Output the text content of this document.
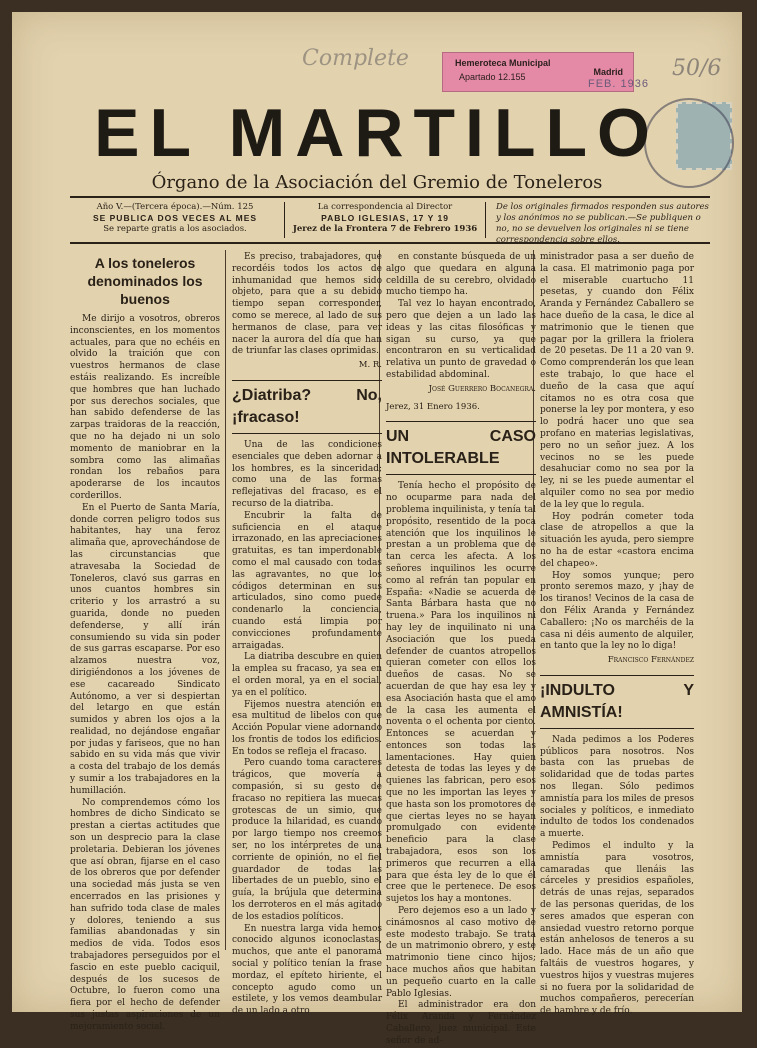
Complete	50/6
Hemeroteca Municipal
Apartado 12.155	Madrid
FEB. 1936
EL MARTILLO
Órgano de la Asociación del Gremio de Toneleros
Año V.—(Tercera época).—Núm. 125
SE PUBLICA DOS VECES AL MES
Se reparte gratis a los asociados.
La correspondencia al Director
PABLO IGLESIAS, 17 Y 19
Jerez de la Frontera 7 de Febrero 1936
De los originales firmados responden sus autores y los anónimos no se publican.—Se publiquen o no, no se devuelven los originales ni se tiene correspondencia sobre ellos.
A los toneleros denominados los buenos

Me dirijo a vosotros, obreros inconscientes, en los momentos actuales, para que no echéis en olvido la traición que con vuestros hermanos de clase estáis realizando. Es increíble que hombres que han luchado por sus derechos sociales, que han sabido defenderse de las zarpas traidoras de la reacción, que no ha dejado ni un solo momento de maniobrar en la sombra como las alimañas rondan los rebaños para apoderarse de los incautos corderillos.

En el Puerto de Santa María, donde corren peligro todos sus habitantes, hay una feroz alimaña que, aprovechándose de las circunstancias que atravesaba la Sociedad de Toneleros, clavó sus garras en unos cuantos hombres sin criterio y los arrastró a su guarida, donde no pueden defenderse, y allí irán consumiendo su vida sin poder de sus garras escaparse. Por eso alzamos nuestra voz, dirigiéndonos a los jóvenes de ese cacareado Sindicato Autónomo, a ver si despiertan del letargo en que están sumidos y abren los ojos a la realidad, no dejándose engañar por judas y fariseos, que no han sabido en su vida más que vivir a costa del trabajo de los demás y sumir a los trabajadores en la humillación.

No comprendemos cómo los hombres de dicho Sindicato se prestan a ciertas actitudes que son un desprecio para la clase proletaria. Debieran los jóvenes que así obran, fijarse en el caso de los obreros que por defender una sociedad más justa se ven encerrados en las prisiones y han sufrido toda clase de males y dolores, teniendo a sus familias abandonadas y sin medios de vida. Todos esos trabajadores perseguidos por el fascio en este pueblo caciquil, después de los sucesos de Octubre, lo fueron como una fiera por el hecho de defender sus justas aspiraciones de un mejoramiento social.

Es preciso, trabajadores, que recordéis todos los actos de inhumanidad que hemos sido objeto, para que a su debido tiempo sepan corresponder, como se merece, al lado de sus hermanos de clase, para ver nacer la aurora del día que han de triunfar las clases oprimidas.

M. R.
¿Diatriba? No, ¡fracaso!

Una de las condiciones esenciales que deben adornar a los hombres, es la sinceridad; como una de las formas reflejativas del fracaso, es el recurso de la diatriba.

Encubrir la falta de suficiencia en el ataque irrazonado, en las apreciaciones gratuitas, es tan imperdonable como el mal causado con todas las agravantes, no que los códigos determinan en sus articulados, sino como puede condenarlo la conciencia, cuando está limpia por convicciones profundamente arraigadas.

La diatriba descubre en quien la emplea su fracaso, ya sea en el orden moral, ya en el social, ya en el político.

Fijemos nuestra atención en esa multitud de libelos con que Acción Popular viene adornando los frontis de todos los edificios. En todos se refleja el fracaso.

Pero cuando toma caracteres trágicos, que movería a compasión, si su gesto de fracaso no repitiera las muecas grotescas de un simio, que produce la hilaridad, es cuando por largo tiempo nos creemos ser, no los intérpretes de una corriente de opinión, no el fiel guardador de todas las libertades de un pueblo, sino el guía, la brújula que determina los derroteros en el más agitado de los estadios políticos.

En nuestra larga vida hemos conocido algunos iconoclastas, muchos, que ante el panorama social y político tenían la frase mordaz, el epíteto hiriente, el concepto agudo como un estilete, y los vemos deambular de un lado a otro

en constante búsqueda de un algo que quedara en alguna celdilla de su cerebro, olvidado mucho tiempo ha.

Tal vez lo hayan encontrado, pero que dejen a un lado las ideas y las citas filosóficas y sigan su curso, ya que encontraron en su verticalidad relativa un punto de gravedad o estabilidad abdominal.

José Guerrero Bocanegra.
Jerez, 31 Enero 1936.
UN CASO INTOLERABLE

Tenía hecho el propósito de no ocuparme para nada del problema inquilinista, y tenía tal propósito, resentido de la poca atención que los inquilinos le prestan a un problema que de tan cerca les afecta. A los señores inquilinos les ocurre como al refrán tan popular en España: «Nadie se acuerda de Santa Bárbara hasta que no truena.» Para los inquilinos ni hay ley de inquilinato ni una Asociación que los pueda defender de cuantos atropellos quieran cometer con ellos los dueños de casas. No se acuerdan de que hay esa ley y esa Asociación hasta que el amo de la casa les aumenta el noventa o el ochenta por ciento. Entonces se acuerdan y entonces son todas las lamentaciones. Hay quien detesta de todas las leyes y de quienes las fabrican, pero esos que no les importan las leyes y que hasta son los promotores de que ciertas leyes no se hayan promulgado con evidente beneficio para la clase trabajadora, esos son los primeros que recurren a ella para que ésta ley de lo que él cree que le pertenece. De esos sujetos los hay a montones.

Pero dejemos eso a un lado y cinámosnos al caso motivo de este modesto trabajo. Se trata de un matrimonio obrero, y este matrimonio tiene cinco hijos; hace muchos años que habitan un pequeño cuarto en la calle Pablo Iglesias.

El administrador era don Félix Aranda y Fernández Caballero, juez municipal. Este señor de ad-

ministrador pasa a ser dueño de la casa. El matrimonio paga por el miserable cuartucho 11 pesetas, y cuando don Félix Aranda y Fernández Caballero se hace dueño de la casa, le dice al matrimonio que le tienen que pagar por la grillera la friolera de 20 pesetas. De 11 a 20 van 9. Como comprenderán los que lean este trabajo, lo que hace el dueño de la casa que aquí citamos no es otra cosa que ponerse la ley por montera, y eso lo podrá hacer uno que sea profano en materias legislativas, pero no un señor juez. A los vecinos no se les puede desahuciar como no sea por la ley, ni se les puede aumentar el alquiler como no sea por medio de la ley que lo regula.

Hoy podrán cometer toda clase de atropellos a que la situación les ayuda, pero siempre no ha de estar «castora encima del chapeo».

Hoy somos yunque; pero pronto seremos mazo, y ¡hay de los tiranos! Vecinos de la casa de don Félix Aranda y Fernández Caballero: ¡No os marchéis de la casa ni déis aumento de alquiler, en tanto que la ley no lo diga!

Francisco Fernández
¡INDULTO Y AMNISTÍA!

Nada pedimos a los Poderes públicos para nosotros. Nos basta con las pruebas de solidaridad que de todas partes nos llegan. Sólo pedimos amnistía para los miles de presos sociales y políticos, e inmediato indulto de todos los condenados a muerte.

Pedimos el indulto y la amnistía para vosotros, camaradas que llenáis las cárceles y presidios españoles, detrás de unas rejas, separados de las personas queridas, de los seres amados que esperan con ansiedad vuestro retorno porque están anhelosos de teneros a su lado. Hace más de un año que faltáis de vuestros hogares, y vuestros hijos y vuestras mujeres si no fuera por la solidaridad de muchos compañeros, perecerían de hambre y de frío.
